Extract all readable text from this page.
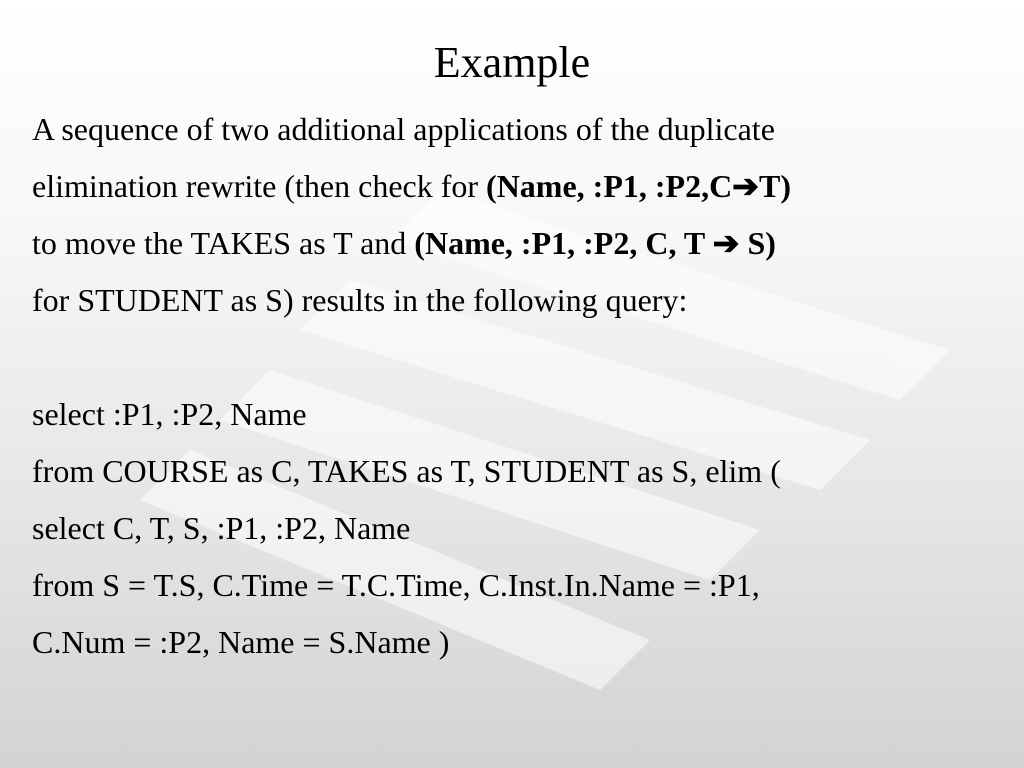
Example
A sequence of two additional applications of the duplicate
elimination rewrite (then check for (Name, :P1, :P2,C➔T)
to move the TAKES as T and (Name, :P1, :P2, C, T ➔ S)
for STUDENT as S) results in the following query:
select :P1, :P2, Name
from COURSE as C, TAKES as T, STUDENT as S, elim (
select C, T, S, :P1, :P2, Name
from S = T.S, C.Time = T.C.Time, C.Inst.In.Name = :P1,
C.Num = :P2, Name = S.Name )
